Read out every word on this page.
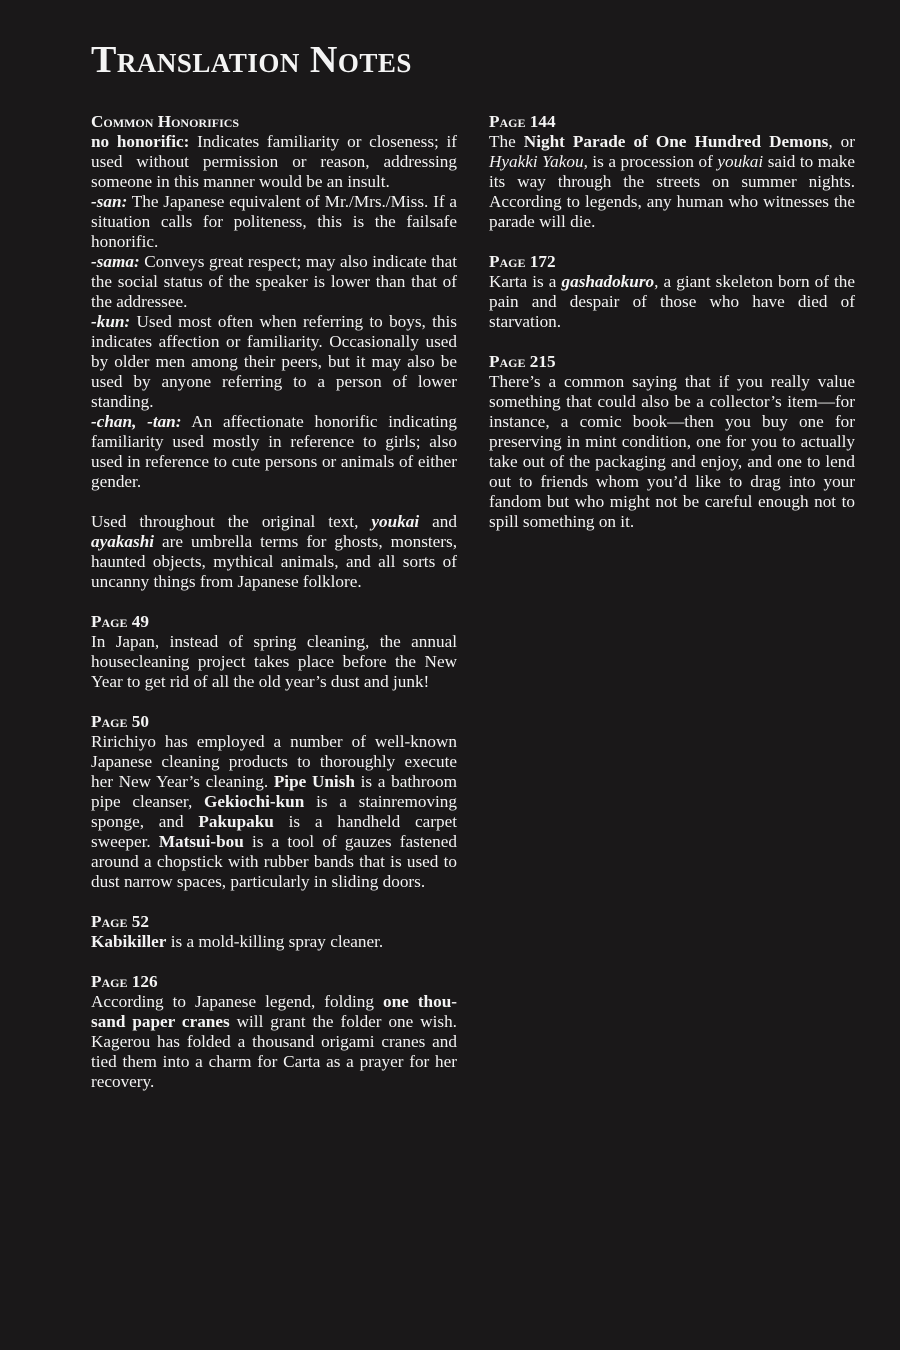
Translation Notes

Common Honorifics

no honorific: Indicates familiarity or closeness; if used without permission or reason, addressing someone in this manner would be an insult.

-san: The Japanese equivalent of Mr./Mrs./Miss. If a situation calls for politeness, this is the failsafe honorific.

-sama: Conveys great respect; may also indicate that the social status of the speaker is lower than that of the addressee.

-kun: Used most often when referring to boys, this indicates affection or familiarity. Occasionally used by older men among their peers, but it may also be used by anyone referring to a person of lower standing.

-chan, -tan: An affectionate honorific indicating familiarity used mostly in reference to girls; also used in reference to cute persons or animals of either gender.

Used throughout the original text, youkai and ayakashi are umbrella terms for ghosts, monsters, haunted objects, mythical animals, and all sorts of uncanny things from Japanese folklore.

Page 49

In Japan, instead of spring cleaning, the annual housecleaning project takes place before the New Year to get rid of all the old year’s dust and junk!

Page 50

Ririchiyo has employed a number of well-known Japanese cleaning products to thoroughly execute her New Year’s cleaning. Pipe Unish is a bathroom pipe cleanser, Gekiochi-kun is a stainremoving sponge, and Pakupaku is a handheld carpet sweeper. Matsui-bou is a tool of gauzes fastened around a chopstick with rubber bands that is used to dust narrow spaces, particularly in sliding doors.

Page 52

Kabikiller is a mold-killing spray cleaner.

Page 126

According to Japanese legend, folding one thousand paper cranes will grant the folder one wish. Kagerou has folded a thousand origami cranes and tied them into a charm for Carta as a prayer for her recovery.

Page 144

The Night Parade of One Hundred Demons, or Hyakki Yakou, is a procession of youkai said to make its way through the streets on summer nights. According to legends, any human who witnesses the parade will die.

Page 172

Karta is a gashadokuro, a giant skeleton born of the pain and despair of those who have died of starvation.

Page 215

There’s a common saying that if you really value something that could also be a collector’s item—for instance, a comic book—then you buy one for preserving in mint condition, one for you to actually take out of the packaging and enjoy, and one to lend out to friends whom you’d like to drag into your fandom but who might not be careful enough not to spill something on it.
